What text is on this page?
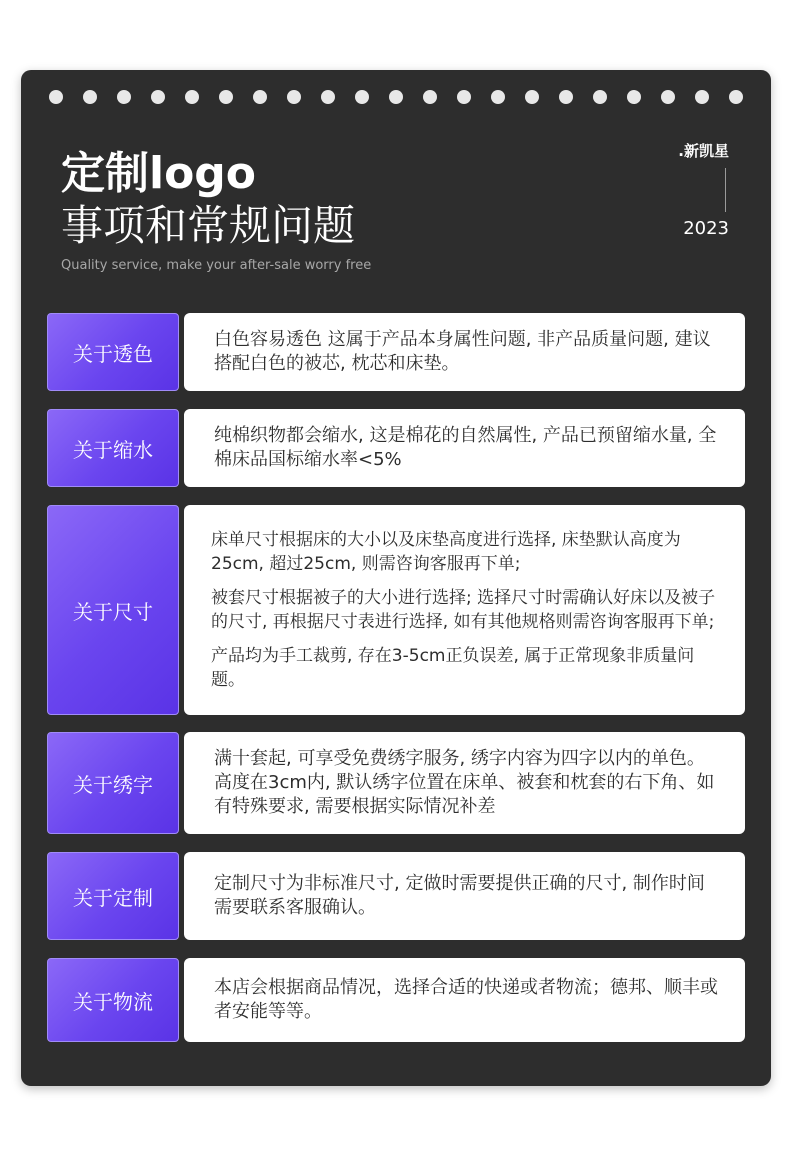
定制logo
事项和常规问题
Quality service, make your after-sale worry free
.新凯星
2023
关于透色

白色容易透色 这属于产品本身属性问题, 非产品质量问题, 建议搭配白色的被芯, 枕芯和床垫。

关于缩水

纯棉织物都会缩水, 这是棉花的自然属性, 产品已预留缩水量, 全棉床品国标缩水率<5%

关于尺寸

床单尺寸根据床的大小以及床垫高度进行选择, 床垫默认高度为25cm, 超过25cm, 则需咨询客服再下单;

被套尺寸根据被子的大小进行选择; 选择尺寸时需确认好床以及被子的尺寸, 再根据尺寸表进行选择, 如有其他规格则需咨询客服再下单;

产品均为手工裁剪, 存在3-5cm正负误差, 属于正常现象非质量问题。

关于绣字

满十套起, 可享受免费绣字服务, 绣字内容为四字以内的单色。高度在3cm内, 默认绣字位置在床单、被套和枕套的右下角、如有特殊要求, 需要根据实际情况补差

关于定制

定制尺寸为非标准尺寸, 定做时需要提供正确的尺寸, 制作时间需要联系客服确认。

关于物流

本店会根据商品情况，选择合适的快递或者物流；德邦、顺丰或者安能等等。
